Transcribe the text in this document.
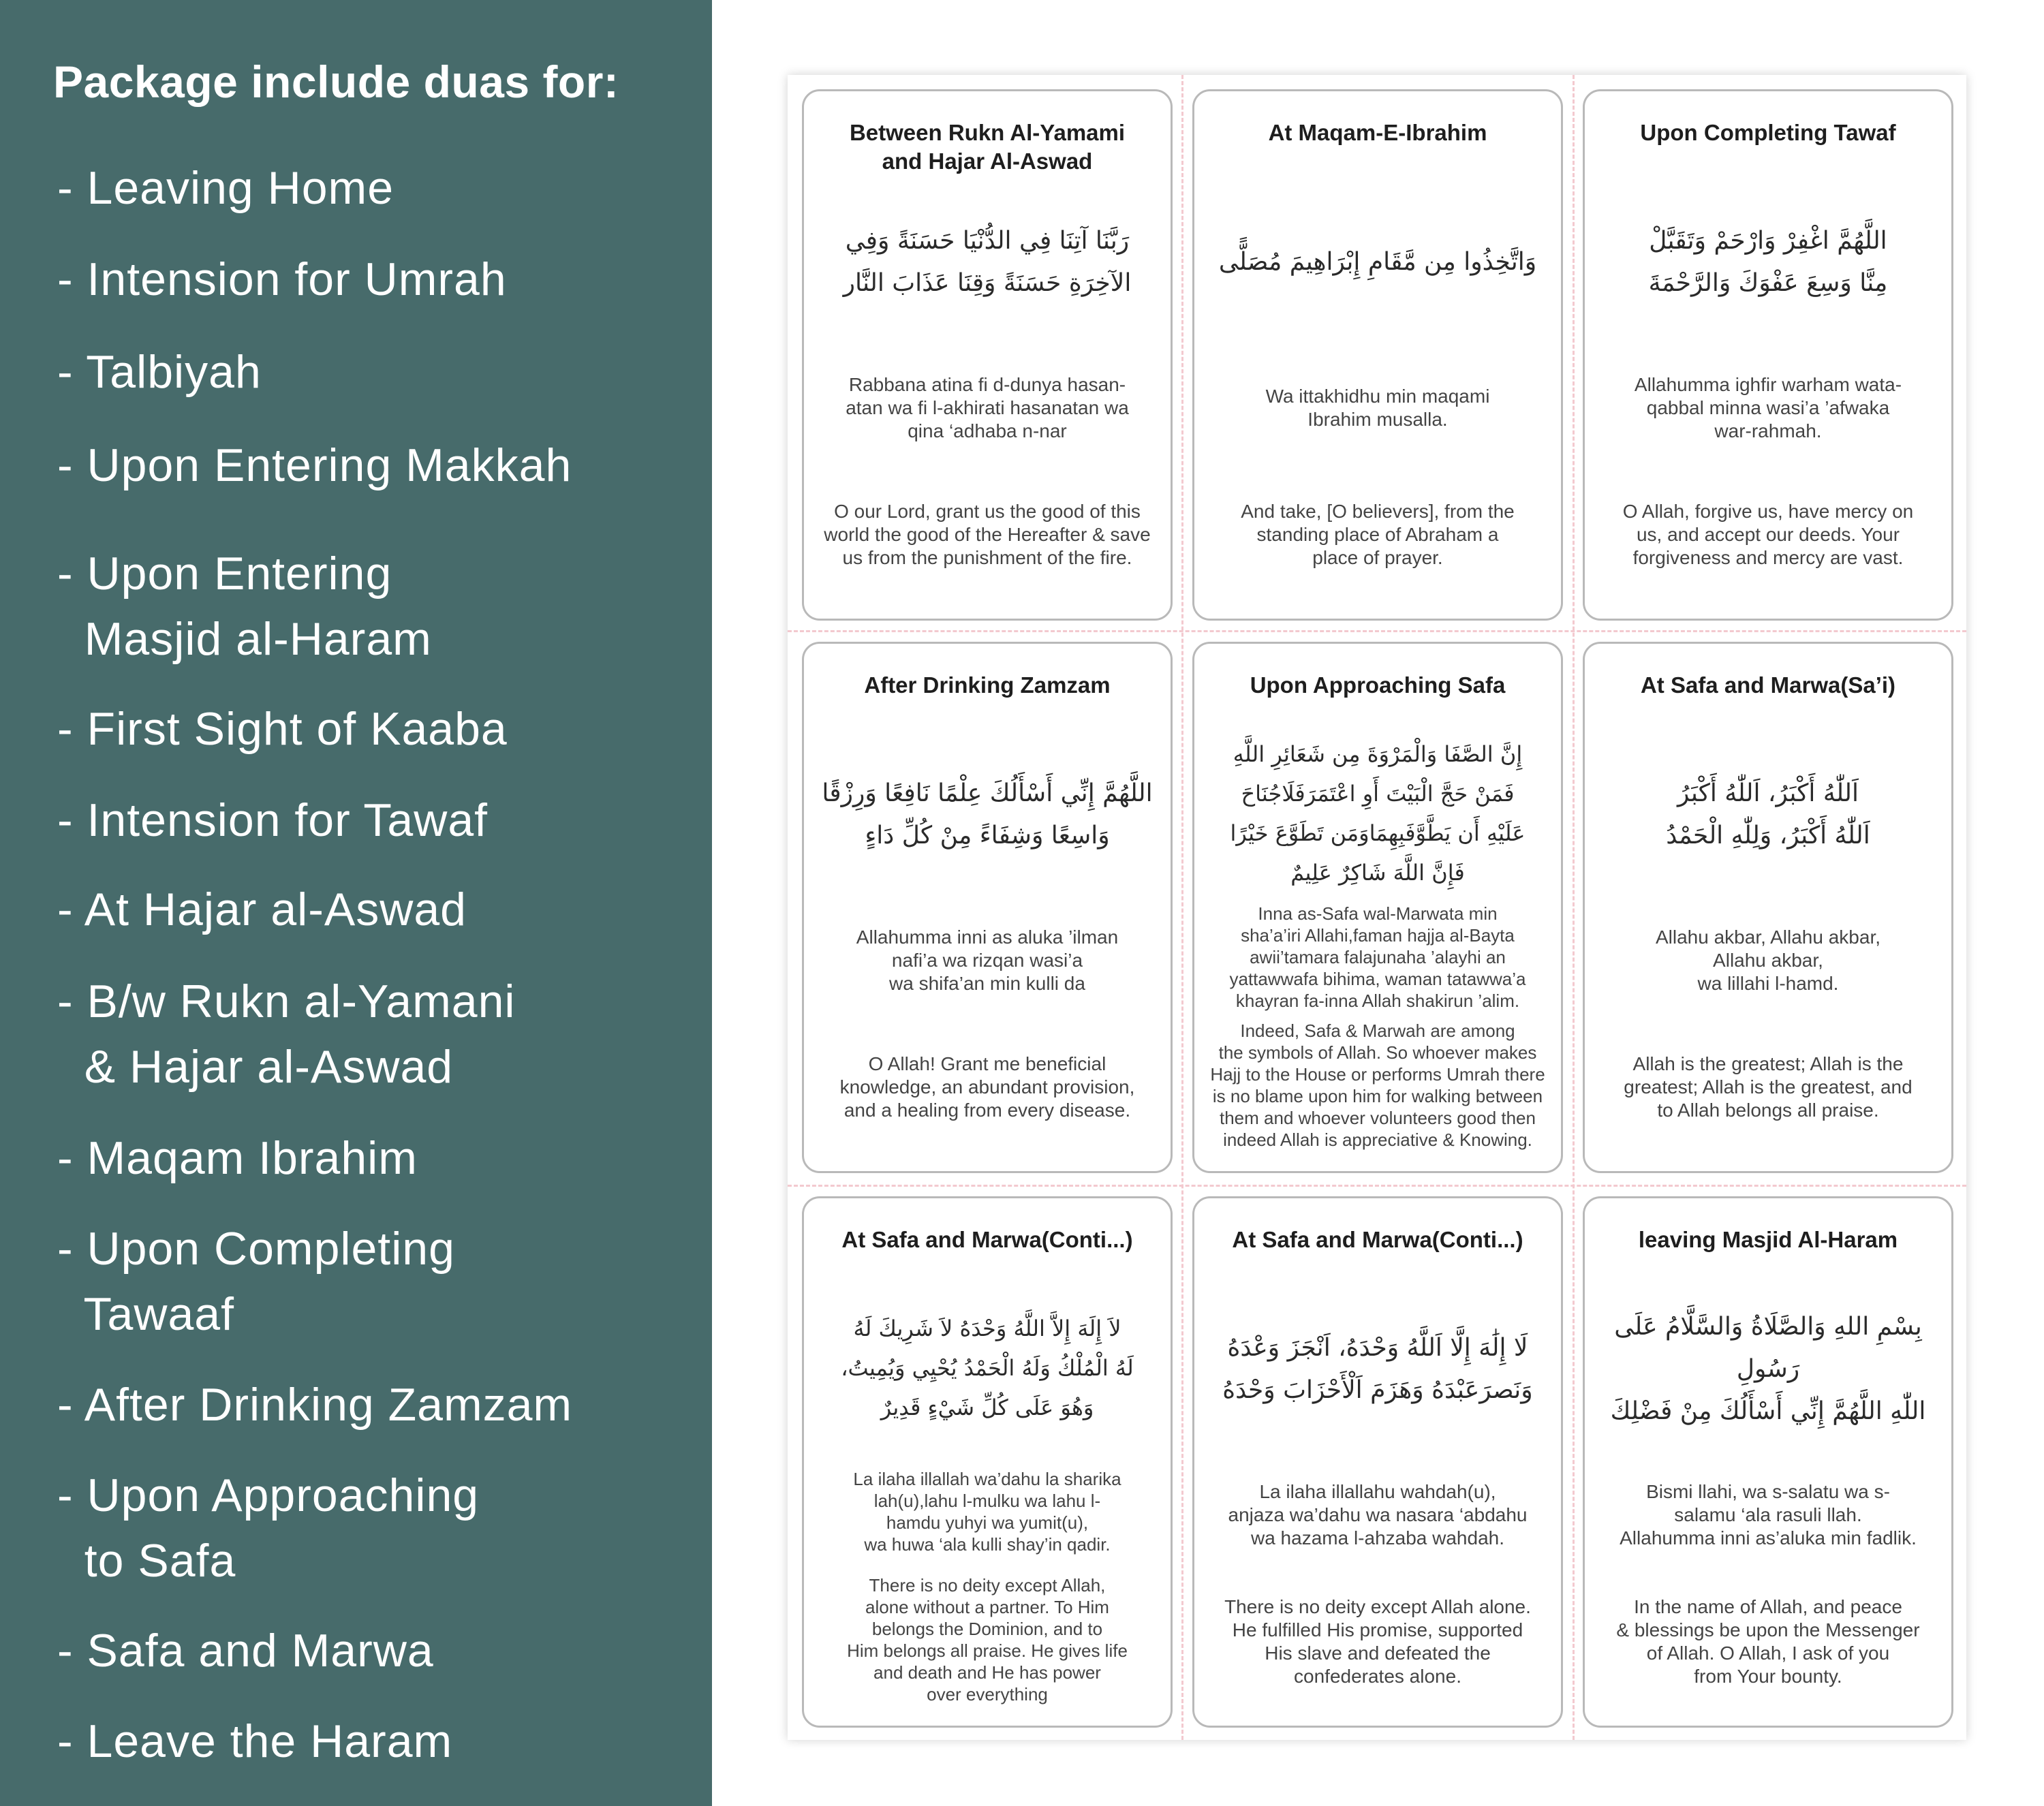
Package include duas for:
- Leaving Home
- Intension for Umrah
- Talbiyah
- Upon Entering Makkah
- Upon Entering
Masjid al-Haram
- First Sight of Kaaba
- Intension for Tawaf
- At Hajar al-Aswad
- B/w Rukn al-Yamani
& Hajar al-Aswad
- Maqam Ibrahim
- Upon Completing
Tawaaf
- After Drinking Zamzam
- Upon Approaching
to Safa
- Safa and Marwa
- Leave the Haram
Between Rukn Al-Yamami
and Hajar Al-Aswad
رَبَّنَا آتِنَا فِي الدُّنْيَا حَسَنَةً وَفِي
الآخِرَةِ حَسَنَةً وَقِنَا عَذَابَ النَّار
Rabbana atina fi d-dunya hasan-
atan wa fi l-akhirati hasanatan wa
qina ‘adhaba n-nar
O our Lord, grant us the good of this
world the good of the Hereafter & save
us from the punishment of the fire.
At Maqam-E-Ibrahim
وَاتَّخِذُوا مِن مَّقَامِ إِبْرَاهِيمَ مُصَلًّى
Wa ittakhidhu min maqami
Ibrahim musalla.
And take, [O believers], from the
standing place of Abraham a
place of prayer.
Upon Completing Tawaf
اللَّهُمَّ اغْفِرْ وَارْحَمْ وَتَقَبَّلْ
مِنَّا وَسِعَ عَفْوَكَ وَالرَّحْمَةَ
Allahumma ighfir warham wata-
qabbal minna wasi’a ’afwaka
war-rahmah.
O Allah, forgive us, have mercy on
us, and accept our deeds. Your
forgiveness and mercy are vast.
After Drinking Zamzam
اللَّهُمَّ إِنِّي أَسْأَلُكَ عِلْمًا نَافِعًا وَرِزْقًا
وَاسِعًا وَشِفَاءً مِنْ كُلِّ دَاءٍ
Allahumma inni as aluka ’ilman
nafi’a wa rizqan wasi’a
wa shifa’an min kulli da
O Allah! Grant me beneficial
knowledge, an abundant provision,
and a healing from every disease.
Upon Approaching Safa
إِنَّ الصَّفَا وَالْمَرْوَةَ مِن شَعَائِرِ اللَّهِ
فَمَنْ حَجَّ الْبَيْتَ أَوِ اعْتَمَرَفَلَاجُنَاحَ
عَلَيْهِ أَن يَطَّوَّفَبِهِمَاوَمَن تَطَوَّعَ خَيْرًا
فَإِنَّ اللَّهَ شَاكِرٌ عَلِيمٌ
Inna as-Safa wal-Marwata min
sha’a’iri Allahi,faman hajja al-Bayta
awii’tamara falajunaha ’alayhi an
yattawwafa bihima, waman tatawwa’a
khayran fa-inna Allah shakirun ’alim.
Indeed, Safa & Marwah are among
the symbols of Allah. So whoever makes
Hajj to the House or performs Umrah there
is no blame upon him for walking between
them and whoever volunteers good then
indeed Allah is appreciative & Knowing.
At Safa and Marwa(Sa’i)
اَللّٰهُ أَكْبَرُ، اَللّٰهُ أَكْبَرُ
اَللّٰهُ أَكْبَرُ، وَلِلّٰهِ الْحَمْدُ
Allahu akbar, Allahu akbar,
Allahu akbar,
wa lillahi l-hamd.
Allah is the greatest; Allah is the
greatest; Allah is the greatest, and
to Allah belongs all praise.
At Safa and Marwa(Conti...)
لاَ إِلَهَ إِلاَّ اللَّهُ وَحْدَهُ لاَ شَرِيكَ لَهُ
لَهُ الْمُلْكُ وَلَهُ الْحَمْدُ يُحْيِي وَيُمِيتُ،
وَهُوَ عَلَى كُلِّ شَيْءٍ قَدِيرٌ
La ilaha illallah wa’dahu la sharika
lah(u),lahu l-mulku wa lahu l-
hamdu yuhyi wa yumit(u),
wa huwa ‘ala kulli shay’in qadir.
There is no deity except Allah,
alone without a partner. To Him
belongs the Dominion, and to
Him belongs all praise. He gives life
and death and He has power
over everything
At Safa and Marwa(Conti...)
لَا إِلَٰهَ إِلَّا اَللَّهُ وَحْدَهُ، اَنْجَزَ وَعْدَهُ
وَنَصرَعَبْدَهُ وَهَزَمَ اَلْأَحْزَابَ وَحْدَهُ
La ilaha illallahu wahdah(u),
anjaza wa’dahu wa nasara ‘abdahu
wa hazama l-ahzaba wahdah.
There is no deity except Allah alone.
He fulfilled His promise, supported
His slave and defeated the
confederates alone.
leaving Masjid Al-Haram
بِسْمِ اللهِ وَالصَّلَاةُ وَالسَّلَّامُ عَلَى رَسُولِ
اللّٰهِ اللَّهُمَّ إِنِّي أَسْأَلُكَ مِنْ فَضْلِكَ
Bismi llahi, wa s-salatu wa s-
salamu ‘ala rasuli llah.
Allahumma inni as’aluka min fadlik.
In the name of Allah, and peace
& blessings be upon the Messenger
of Allah. O Allah, I ask of you
from Your bounty.
